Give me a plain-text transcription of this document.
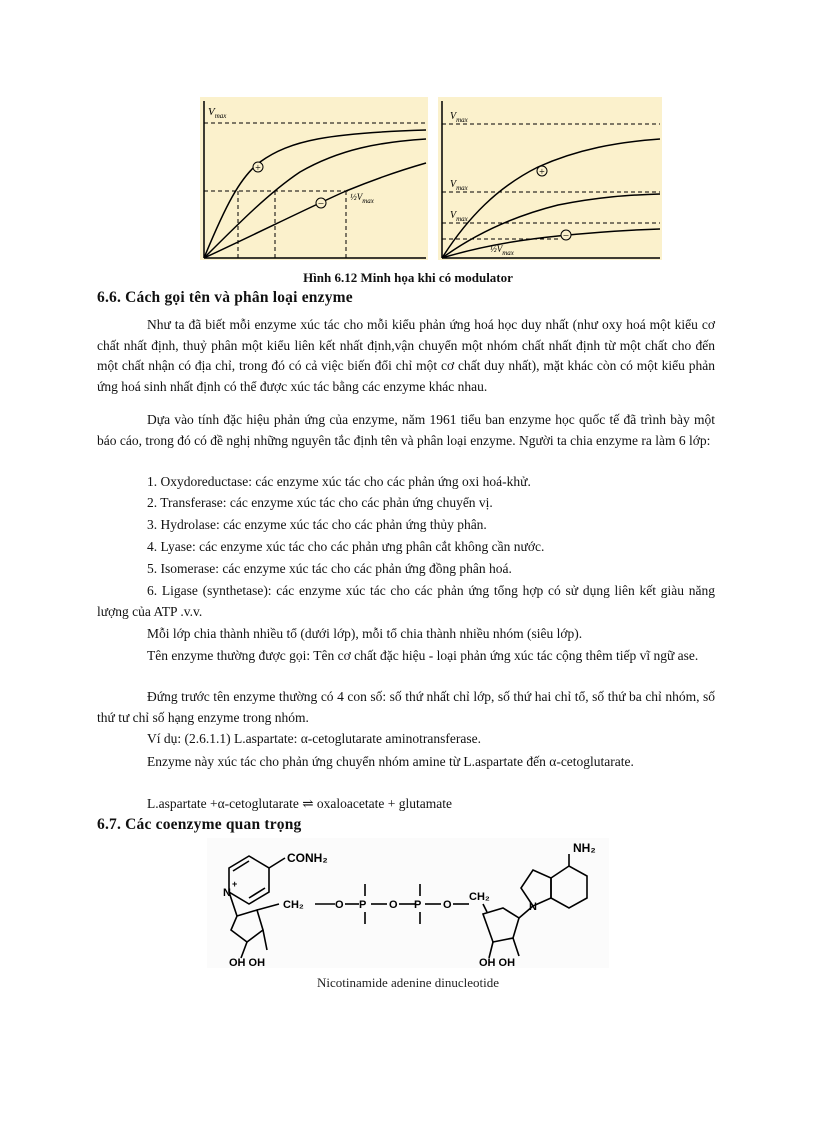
+
−
$V_{max}$
$\frac{1}{2}V_{max}$
+
−
$V_{max}$
$V_{max}$
$V_{max}$
$\frac{1}{2}V_{max}$
Hình 6.12 Minh họa khi có modulator
6.6. Cách gọi tên và phân loại enzyme

Như ta đã biết mỗi enzyme xúc tác cho mỗi kiểu phản ứng hoá học duy nhất (như oxy hoá một kiểu cơ chất nhất định, thuỷ phân một kiểu liên kết nhất định,vận chuyển một nhóm chất nhất định từ một chất cho đến một chất nhận có địa chỉ, trong đó có cả việc biến đổi chỉ một cơ chất duy nhất), mặt khác còn có một kiểu phản ứng hoá sinh nhất định có thể được xúc tác bằng các enzyme khác nhau.

Dựa vào tính đặc hiệu phản ứng của enzyme, năm 1961 tiểu ban enzyme học quốc tế đã trình bày một báo cáo, trong đó có đề nghị những nguyên tắc định tên và phân loại enzyme. Người ta chia enzyme ra làm 6 lớp:

1. Oxydoreductase: các enzyme xúc tác cho các phản ứng oxi hoá-khử.

2. Transferase: các enzyme xúc tác cho các phản ứng chuyển vị.

3. Hydrolase: các enzyme xúc tác cho các phản ứng thủy phân.

4. Lyase: các enzyme xúc tác cho các phản ưng phân cắt không cần nước.

5. Isomerase: các enzyme xúc tác cho các phản ứng đồng phân hoá.

6. Ligase (synthetase): các enzyme xúc tác cho các phản ứng tổng hợp có sử dụng liên kết giàu năng lượng của ATP .v.v.

Mỗi lớp chia thành nhiều tổ (dưới lớp), mỗi tổ chia thành nhiều nhóm (siêu lớp).

Tên enzyme thường được gọi: Tên cơ chất đặc hiệu - loại phản ứng xúc tác cộng thêm tiếp vĩ ngữ ase.

Đứng trước tên enzyme thường có 4 con số: số thứ nhất chỉ lớp, số thứ hai chỉ tổ, số thứ ba chỉ nhóm, số thứ tư chỉ số hạng enzyme trong nhóm.

Ví dụ: (2.6.1.1) L.aspartate: α-cetoglutarate aminotransferase.

Enzyme này xúc tác cho phản ứng chuyển nhóm amine từ L.aspartate đến α-cetoglutarate.

L.aspartate +α-cetoglutarate ⇌ oxaloacetate + glutamate

6.7. Các coenzyme quan trọng
CONH₂
NH₂
CH₂	O P O P O
CH₂
OH OH	OH OH
N
+
N
Nicotinamide adenine dinucleotide
